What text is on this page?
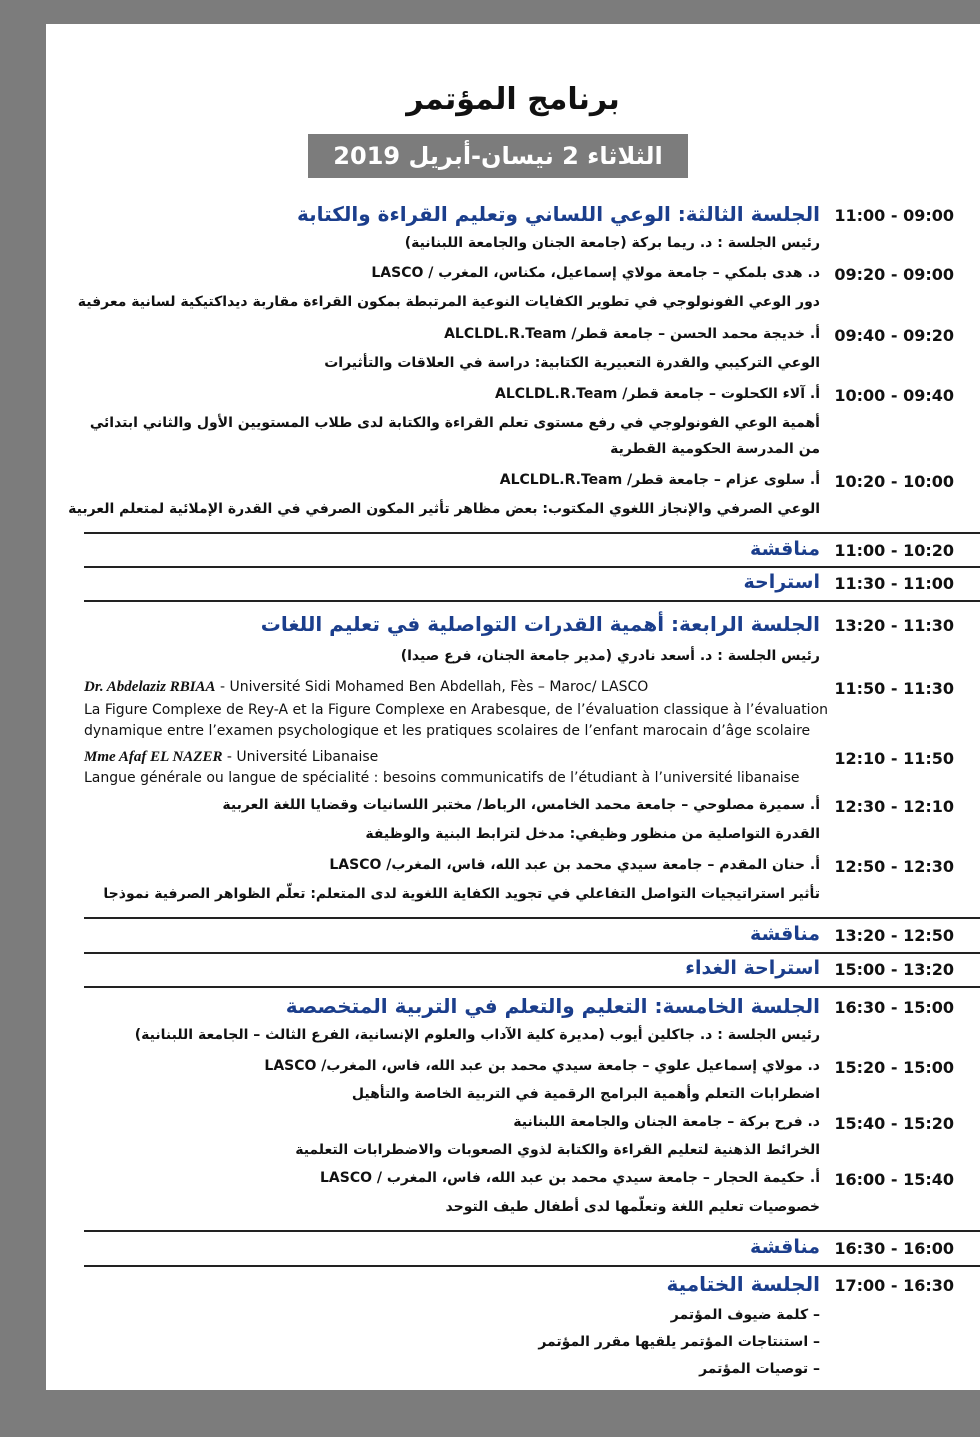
برنامج المؤتمر
الثلاثاء 2 نيسان-أبريل 2019
11:00 - 09:00
الجلسة الثالثة: الوعي اللساني وتعليم القراءة والكتابة
رئيس الجلسة : د. ريما بركة (جامعة الجنان والجامعة اللبنانية)
09:20 - 09:00
د. هدى بلمكي – جامعة مولاي إسماعيل، مكناس، المغرب / LASCO
دور الوعي الفونولوجي في تطوير الكفايات النوعية المرتبطة بمكون القراءة مقاربة ديداكتيكية لسانية معرفية
09:40 - 09:20
أ. خديجة محمد الحسن – جامعة قطر/ ALCLDL.R.Team
الوعي التركيبي والقدرة التعبيرية الكتابية: دراسة في العلاقات والتأثيرات
10:00 - 09:40
أ. آلاء الكحلوت – جامعة قطر/ ALCLDL.R.Team
أهمية الوعي الفونولوجي في رفع مستوى تعلم القراءة والكتابة لدى طلاب المستويين الأول والثاني ابتدائي
من المدرسة الحكومية القطرية
10:20 - 10:00
أ. سلوى عزام – جامعة قطر/ ALCLDL.R.Team
الوعي الصرفي والإنجاز اللغوي المكتوب: بعض مظاهر تأثير المكون الصرفي في القدرة الإملائية لمتعلم العربية
11:00 - 10:20
مناقشة
11:30 - 11:00
استراحة
13:20 - 11:30
الجلسة الرابعة: أهمية القدرات التواصلية في تعليم اللغات
رئيس الجلسة : د. أسعد نادري (مدير جامعة الجنان، فرع صيدا)
11:50 - 11:30
Dr. Abdelaziz RBIAA - Université Sidi Mohamed Ben Abdellah, Fès – Maroc/ LASCO
La Figure Complexe de Rey-A et la Figure Complexe en Arabesque, de l’évaluation classique à l’évaluation
dynamique entre l’examen psychologique et les pratiques scolaires de l’enfant marocain d’âge scolaire
12:10 - 11:50
Mme Afaf EL NAZER - Université Libanaise
Langue générale ou langue de spécialité : besoins communicatifs de l’étudiant à l’université libanaise
12:30 - 12:10
أ. سميرة مصلوحي – جامعة محمد الخامس، الرباط/ مختبر اللسانيات وقضايا اللغة العربية
القدرة التواصلية من منظور وظيفي: مدخل لترابط البنية والوظيفة
12:50 - 12:30
أ. حنان المقدم – جامعة سيدي محمد بن عبد الله، فاس، المغرب/ LASCO
تأثير استراتيجيات التواصل التفاعلي في تجويد الكفاية اللغوية لدى المتعلم: تعلّم الظواهر الصرفية نموذجا
13:20 - 12:50
مناقشة
15:00 - 13:20
استراحة الغداء
16:30 - 15:00
الجلسة الخامسة: التعليم والتعلم في التربية المتخصصة
رئيس الجلسة : د. جاكلين أيوب (مديرة كلية الآداب والعلوم الإنسانية، الفرع الثالث – الجامعة اللبنانية)
15:20 - 15:00
د. مولاي إسماعيل علوي – جامعة سيدي محمد بن عبد الله، فاس، المغرب/ LASCO
اضطرابات التعلم وأهمية البرامج الرقمية في التربية الخاصة والتأهيل
15:40 - 15:20
د. فرح بركة – جامعة الجنان والجامعة اللبنانية
الخرائط الذهنية لتعليم القراءة والكتابة لذوي الصعوبات والاضطرابات التعلمية
16:00 - 15:40
أ. حكيمة الحجار – جامعة سيدي محمد بن عبد الله، فاس، المغرب / LASCO
خصوصيات تعليم اللغة وتعلّمها لدى أطفال طيف التوحد
16:30 - 16:00
مناقشة
17:00 - 16:30
الجلسة الختامية
– كلمة ضيوف المؤتمر
– استنتاجات المؤتمر يلقيها مقرر المؤتمر
– توصيات المؤتمر
